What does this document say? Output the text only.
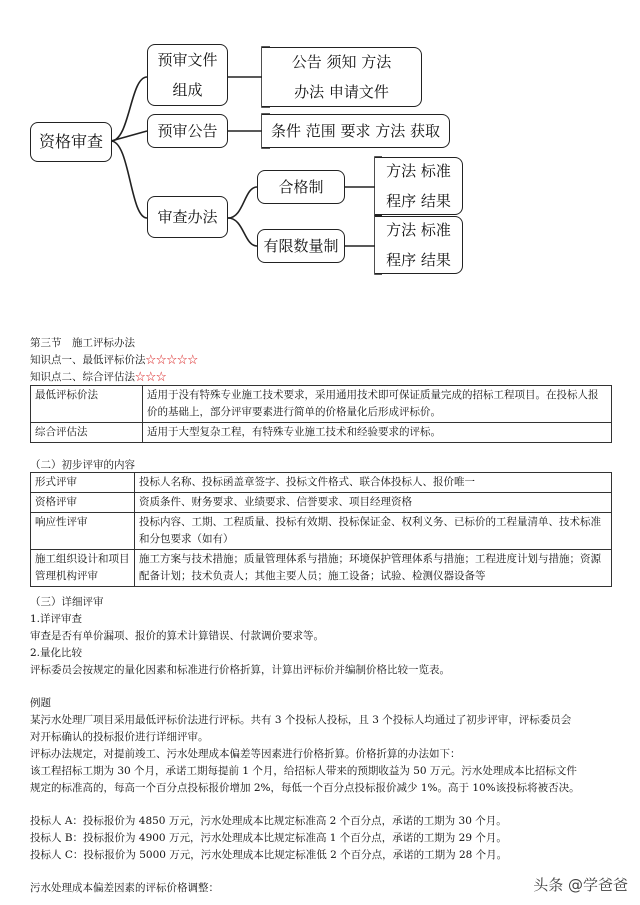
资格审查
预审文件
组成
公告 须知 方法
办法 申请文件
预审公告	条件 范围 要求 方法 获取
审查办法
合格制
方法 标准
程序 结果
有限数量制
方法 标准
程序 结果
第三节　施工评标办法
知识点一、最低评标价法☆☆☆☆☆
知识点二、综合评估法☆☆☆
最低评标价法	适用于没有特殊专业施工技术要求，采用通用技术即可保证质量完成的招标工程项目。在投标人报价的基础上，部分评审要素进行简单的价格量化后形成评标价。
综合评估法	适用于大型复杂工程，有特殊专业施工技术和经验要求的评标。
（二）初步评审的内容
形式评审	投标人名称、投标函盖章签字、投标文件格式、联合体投标人、报价唯一
资格评审	资质条件、财务要求、业绩要求、信誉要求、项目经理资格
响应性评审	投标内容、工期、工程质量、投标有效期、投标保证金、权利义务、已标价的工程量清单、技术标准和分包要求（如有）
施工组织设计和项目管理机构评审	施工方案与技术措施；质量管理体系与措施；环境保护管理体系与措施；工程进度计划与措施；资源配备计划；技术负责人；其他主要人员；施工设备；试验、检测仪器设备等
（三）详细评审
1.详评审查
审查是否有单价漏项、报价的算术计算错误、付款调价要求等。
2.量化比较
评标委员会按规定的量化因素和标准进行价格折算，计算出评标价并编制价格比较一览表。
例题
某污水处理厂项目采用最低评标价法进行评标。共有 3 个投标人投标，且 3 个投标人均通过了初步评审，评标委员会
对开标确认的投标报价进行详细评审。
评标办法规定，对提前竣工、污水处理成本偏差等因素进行价格折算。价格折算的办法如下：
该工程招标工期为 30 个月，承诺工期每提前 1 个月，给招标人带来的预期收益为 50 万元。污水处理成本比招标文件
规定的标准高的，每高一个百分点投标报价增加 2%，每低一个百分点投标报价减少 1%。高于 10%该投标将被否决。
投标人 A：投标报价为 4850 万元，污水处理成本比规定标准高 2 个百分点，承诺的工期为 30 个月。
投标人 B：投标报价为 4900 万元，污水处理成本比规定标准高 1 个百分点，承诺的工期为 29 个月。
投标人 C：投标报价为 5000 万元，污水处理成本比规定标准低 2 个百分点，承诺的工期为 28 个月。
污水处理成本偏差因素的评标价格调整：	头条 @学爸爸
